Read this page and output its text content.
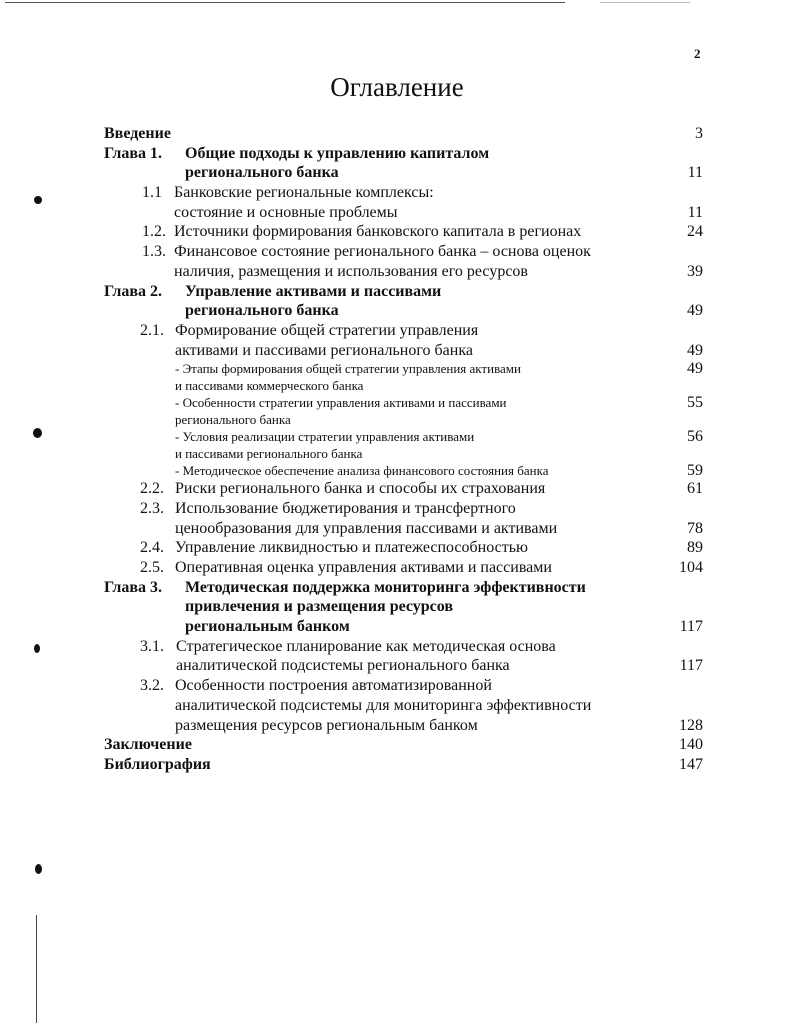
2
Оглавление
Введение	3
Глава 1. Общие подходы к управлению капиталом
регионального банка	11
1.1 Банковские региональные комплексы:
состояние и основные проблемы	11
1.2. Источники формирования банковского капитала в регионах	24
1.3. Финансовое состояние регионального банка – основа оценок
наличия, размещения и использования его ресурсов	39
Глава 2. Управление активами и пассивами
регионального банка	49
2.1. Формирование общей стратегии управления
активами и пассивами регионального банка	49
- Этапы формирования общей стратегии управления активами	49
и пассивами коммерческого банка
- Особенности стратегии управления активами и пассивами	55
регионального банка
- Условия реализации стратегии управления активами	56
и пассивами регионального банка
- Методическое обеспечение анализа финансового состояния банка	59
2.2. Риски регионального банка и способы их страхования	61
2.3. Использование бюджетирования и трансфертного
ценообразования для управления пассивами и активами	78
2.4. Управление ликвидностью и платежеспособностью	89
2.5. Оперативная оценка управления активами и пассивами	104
Глава 3. Методическая поддержка мониторинга эффективности
привлечения и размещения ресурсов
региональным банком	117
3.1. Стратегическое планирование как методическая основа
аналитической подсистемы регионального банка	117
3.2. Особенности построения автоматизированной
аналитической подсистемы для мониторинга эффективности
размещения ресурсов региональным банком	128
Заключение	140
Библиография	147
